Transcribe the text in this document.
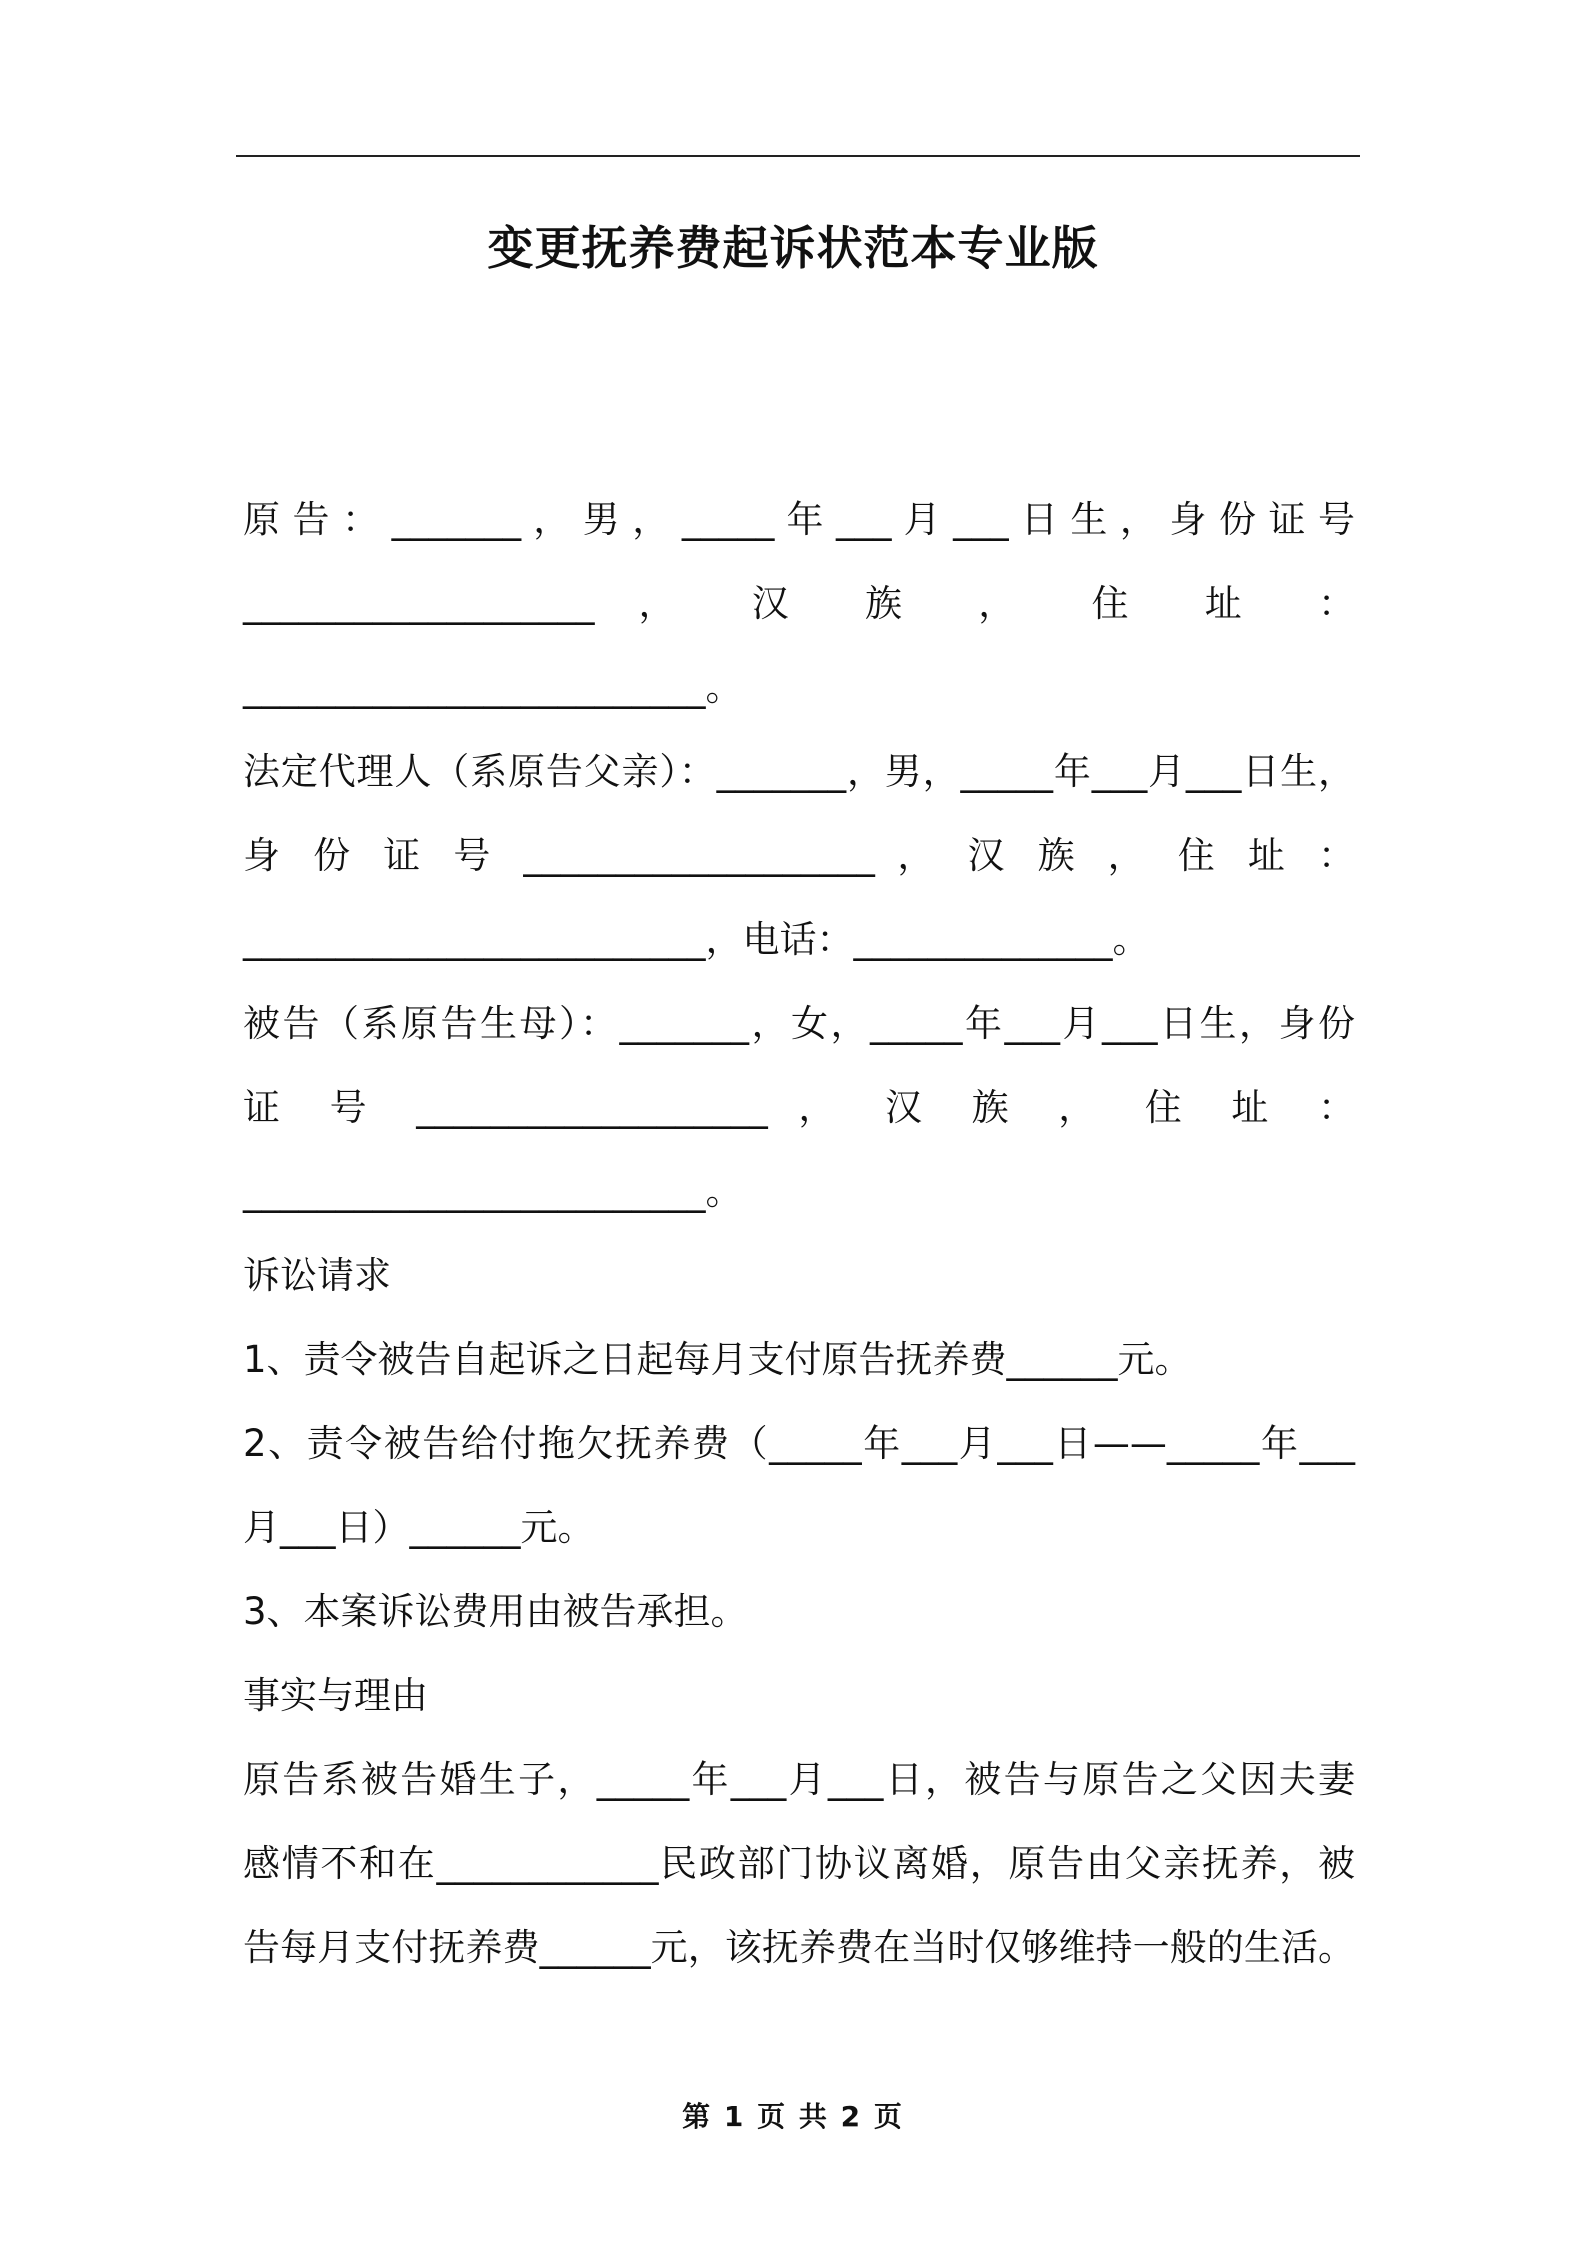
变更抚养费起诉状范本专业版
原 告 ： _______ ， 男 ， _____ 年 ___ 月 ___ 日 生 ， 身 份 证 号
___________________ ， 汉 族 ， 住 址 ：
_________________________。
法定代理人（系原告父亲）：_______，男，_____年___月___日生，
身 份 证 号 ___________________ ， 汉 族 ， 住 址 ：
_________________________，电话：______________。
被告（系原告生母）：_______，女，_____年___月___日生，身份
证 号 ___________________ ， 汉 族 ， 住 址 ：
_________________________。
诉讼请求
1、责令被告自起诉之日起每月支付原告抚养费______元。
2、责令被告给付拖欠抚养费（_____年___月___日——_____年___
月___日）______元。
3、本案诉讼费用由被告承担。
事实与理由
原告系被告婚生子，_____年___月___日，被告与原告之父因夫妻
感情不和在____________民政部门协议离婚，原告由父亲抚养，被
告每月支付抚养费______元，该抚养费在当时仅够维持一般的生活。
第 1 页 共 2 页
